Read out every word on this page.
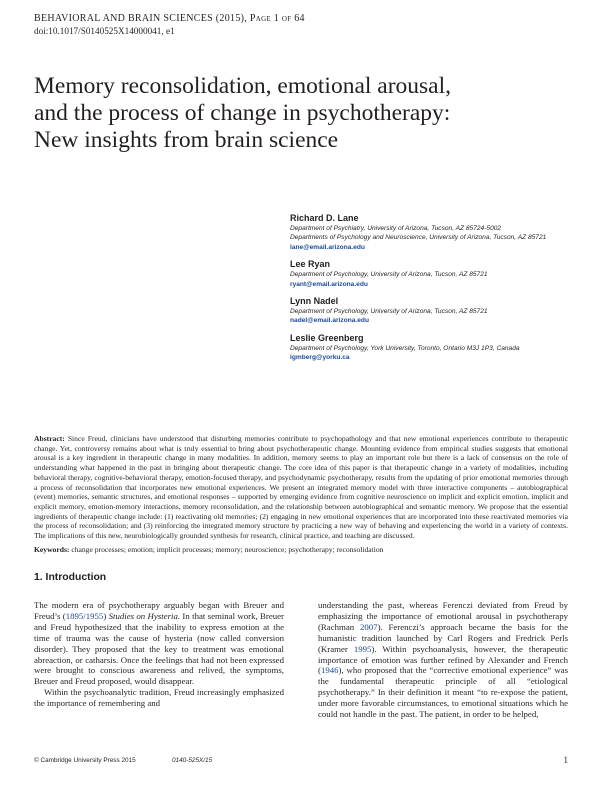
BEHAVIORAL AND BRAIN SCIENCES (2015), Page 1 of 64
doi:10.1017/S0140525X14000041, e1
Memory reconsolidation, emotional arousal, and the process of change in psychotherapy: New insights from brain science
Richard D. Lane
Department of Psychiatry, University of Arizona, Tucson, AZ 85724-5002
Departments of Psychology and Neuroscience, University of Arizona, Tucson, AZ 85721
lane@email.arizona.edu
Lee Ryan
Department of Psychology, University of Arizona, Tucson, AZ 85721
ryant@email.arizona.edu
Lynn Nadel
Department of Psychology, University of Arizona, Tucson, AZ 85721
nadel@email.arizona.edu
Leslie Greenberg
Department of Psychology, York University, Toronto, Ontario M3J 1P3, Canada
lgmberg@yorku.ca
Abstract: Since Freud, clinicians have understood that disturbing memories contribute to psychopathology and that new emotional experiences contribute to therapeutic change. Yet, controversy remains about what is truly essential to bring about psychotherapeutic change. Mounting evidence from empirical studies suggests that emotional arousal is a key ingredient in therapeutic change in many modalities. In addition, memory seems to play an important role but there is a lack of consensus on the role of understanding what happened in the past in bringing about therapeutic change. The core idea of this paper is that therapeutic change in a variety of modalities, including behavioral therapy, cognitive-behavioral therapy, emotion-focused therapy, and psychodynamic psychotherapy, results from the updating of prior emotional memories through a process of reconsolidation that incorporates new emotional experiences. We present an integrated memory model with three interactive components – autobiographical (event) memories, semantic structures, and emotional responses – supported by emerging evidence from cognitive neuroscience on implicit and explicit emotion, implicit and explicit memory, emotion-memory interactions, memory reconsolidation, and the relationship between autobiographical and semantic memory. We propose that the essential ingredients of therapeutic change include: (1) reactivating old memories; (2) engaging in new emotional experiences that are incorporated into these reactivated memories via the process of reconsolidation; and (3) reinforcing the integrated memory structure by practicing a new way of behaving and experiencing the world in a variety of contexts. The implications of this new, neurobiologically grounded synthesis for research, clinical practice, and teaching are discussed.
Keywords: change processes; emotion; implicit processes; memory; neuroscience; psychotherapy; reconsolidation
1. Introduction

The modern era of psychotherapy arguably began with Breuer and Freud’s (1895/1955) Studies on Hysteria. In that seminal work, Breuer and Freud hypothesized that the inability to express emotion at the time of trauma was the cause of hysteria (now called conversion disorder). They proposed that the key to treatment was emotional abreaction, or catharsis. Once the feelings that had not been expressed were brought to conscious awareness and relived, the symptoms, Breuer and Freud proposed, would disappear.

Within the psychoanalytic tradition, Freud increasingly emphasized the importance of remembering and

understanding the past, whereas Ferenczi deviated from Freud by emphasizing the importance of emotional arousal in psychotherapy (Rachman 2007). Ferenczi’s approach became the basis for the humanistic tradition launched by Carl Rogers and Fredrick Perls (Kramer 1995). Within psychoanalysis, however, the therapeutic importance of emotion was further refined by Alexander and French (1946), who proposed that the “corrective emotional experience” was the fundamental therapeutic principle of all “etiological psychotherapy.” In their definition it meant “to re-expose the patient, under more favorable circumstances, to emotional situations which he could not handle in the past. The patient, in order to be helped,

© Cambridge University Press 2015	0140-525X/15	1
